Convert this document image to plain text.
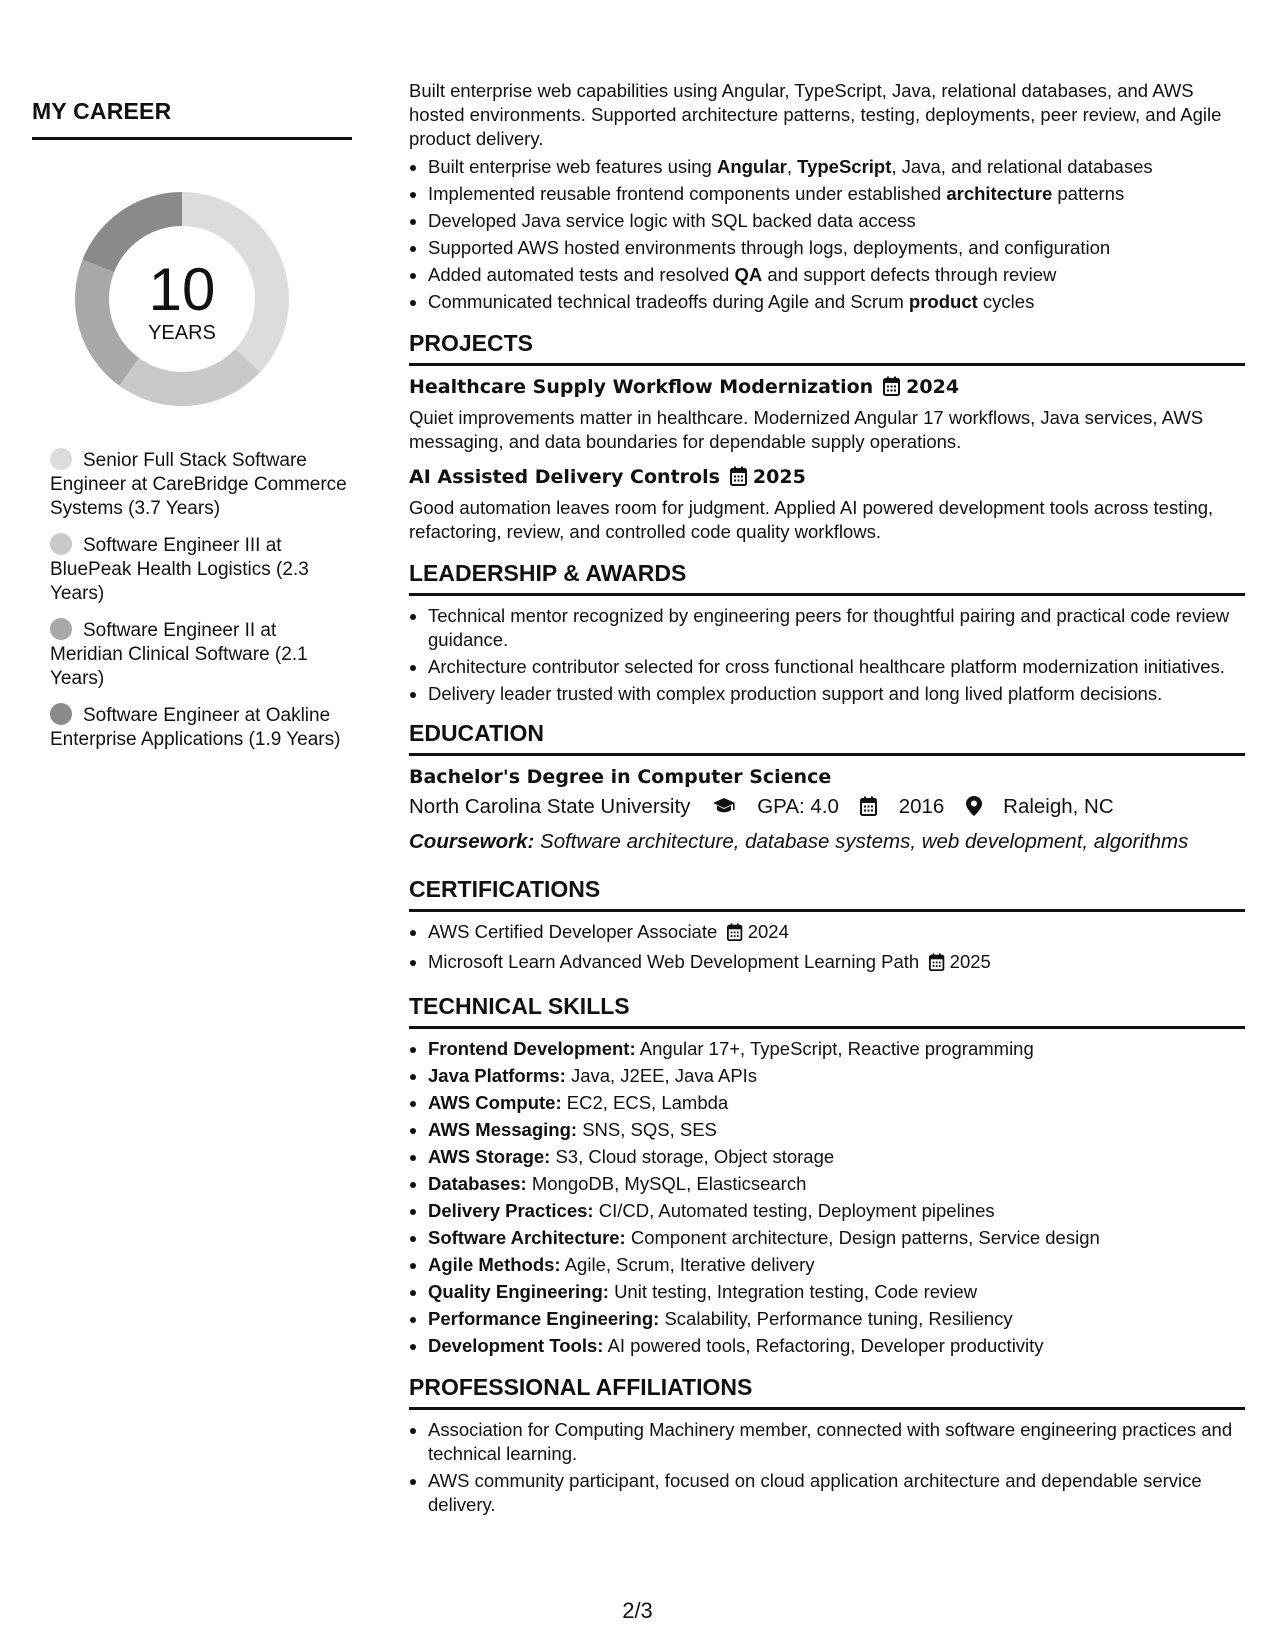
MY CAREER
10
YEARS
Senior Full Stack Software Engineer at CareBridge Commerce Systems (3.7 Years)
Software Engineer III at BluePeak Health Logistics (2.3 Years)
Software Engineer II at Meridian Clinical Software (2.1 Years)
Software Engineer at Oakline Enterprise Applications (1.9 Years)

Built enterprise web capabilities using Angular, TypeScript, Java, relational databases, and AWS hosted environments. Supported architecture patterns, testing, deployments, peer review, and Agile product delivery.

• Built enterprise web features using Angular, TypeScript, Java, and relational databases
• Implemented reusable frontend components under established architecture patterns
• Developed Java service logic with SQL backed data access
• Supported AWS hosted environments through logs, deployments, and configuration
• Added automated tests and resolved QA and support defects through review
• Communicated technical tradeoffs during Agile and Scrum product cycles
PROJECTS
Healthcare Supply Workflow Modernization 2024
Quiet improvements matter in healthcare. Modernized Angular 17 workflows, Java services, AWS messaging, and data boundaries for dependable supply operations.
AI Assisted Delivery Controls 2025
Good automation leaves room for judgment. Applied AI powered development tools across testing, refactoring, review, and controlled code quality workflows.
LEADERSHIP & AWARDS
• Technical mentor recognized by engineering peers for thoughtful pairing and practical code review guidance.
• Architecture contributor selected for cross functional healthcare platform modernization initiatives.
• Delivery leader trusted with complex production support and long lived platform decisions.
EDUCATION
Bachelor's Degree in Computer Science
North Carolina State University	GPA: 4.0	2016	Raleigh, NC
Coursework: Software architecture, database systems, web development, algorithms
CERTIFICATIONS
• AWS Certified Developer Associate 2024
• Microsoft Learn Advanced Web Development Learning Path 2025
TECHNICAL SKILLS
• Frontend Development: Angular 17+, TypeScript, Reactive programming
• Java Platforms: Java, J2EE, Java APIs
• AWS Compute: EC2, ECS, Lambda
• AWS Messaging: SNS, SQS, SES
• AWS Storage: S3, Cloud storage, Object storage
• Databases: MongoDB, MySQL, Elasticsearch
• Delivery Practices: CI/CD, Automated testing, Deployment pipelines
• Software Architecture: Component architecture, Design patterns, Service design
• Agile Methods: Agile, Scrum, Iterative delivery
• Quality Engineering: Unit testing, Integration testing, Code review
• Performance Engineering: Scalability, Performance tuning, Resiliency
• Development Tools: AI powered tools, Refactoring, Developer productivity
PROFESSIONAL AFFILIATIONS
• Association for Computing Machinery member, connected with software engineering practices and technical learning.
• AWS community participant, focused on cloud application architecture and dependable service delivery.
2/3
